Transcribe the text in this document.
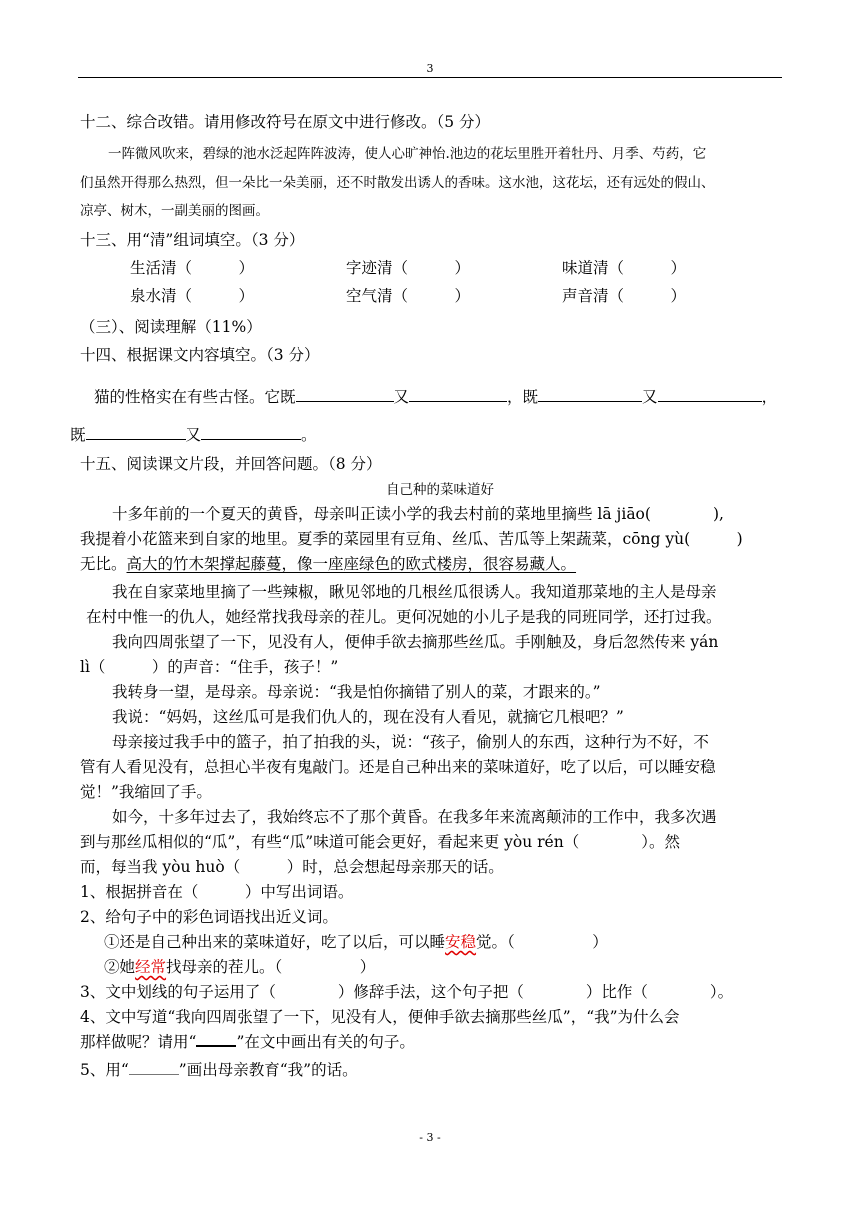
3
十二、综合改错。请用修改符号在原文中进行修改。（5 分）
一阵微风吹来，碧绿的池水泛起阵阵波涛，使人心旷神怡.池边的花坛里胜开着牡丹、月季、芍药，它
们虽然开得那么热烈，但一朵比一朵美丽，还不时散发出诱人的香味。这水池，这花坛，还有远处的假山、
凉亭、树木，一副美丽的图画。
十三、用“清”组词填空。（3 分）
生活清（　　　）	字迹清（　　　）	味道清（　　　）
泉水清（　　　）	空气清（　　　）	声音清（　　　）
（三）、阅读理解（11%）
十四、根据课文内容填空。（3 分）
猫的性格实在有些古怪。它既	又	，既	又	，
既	又	。
十五、阅读课文片段，并回答问题。（8 分）
自己种的菜味道好
十多年前的一个夏天的黄昏，母亲叫正读小学的我去村前的菜地里摘些 lā jiāo(　　　　),
我提着小花篮来到自家的地里。夏季的菜园里有豆角、丝瓜、苦瓜等上架蔬菜，cōng yù(　　　)
无比。高大的竹木架撑起藤蔓，像一座座绿色的欧式楼房，很容易藏人。
我在自家菜地里摘了一些辣椒，瞅见邻地的几根丝瓜很诱人。我知道那菜地的主人是母亲
在村中惟一的仇人，她经常找我母亲的茬儿。更何况她的小儿子是我的同班同学，还打过我。
我向四周张望了一下，见没有人，便伸手欲去摘那些丝瓜。手刚触及，身后忽然传来 yán
lì（　　　）的声音：“住手，孩子！”
我转身一望，是母亲。母亲说：“我是怕你摘错了别人的菜，才跟来的。”
我说：“妈妈，这丝瓜可是我们仇人的，现在没有人看见，就摘它几根吧？”
母亲接过我手中的篮子，拍了拍我的头，说：“孩子，偷别人的东西，这种行为不好，不
管有人看见没有，总担心半夜有鬼敲门。还是自己种出来的菜味道好，吃了以后，可以睡安稳
觉！”我缩回了手。
如今，十多年过去了，我始终忘不了那个黄昏。在我多年来流离颠沛的工作中，我多次遇
到与那丝瓜相似的“瓜”，有些“瓜”味道可能会更好，看起来更 yòu rén（　　　　）。然
而，每当我 yòu huò（　　　）时，总会想起母亲那天的话。
1、根据拼音在（　　　）中写出词语。
2、给句子中的彩色词语找出近义词。
①还是自己种出来的菜味道好，吃了以后，可以睡安稳觉。（　　　　　）
②她经常找母亲的茬儿。（　　　　　）
3、文中划线的句子运用了（　　　　）修辞手法，这个句子把（　　　　）比作（　　　　）。
4、文中写道“我向四周张望了一下，见没有人，便伸手欲去摘那些丝瓜”，“我”为什么会
那样做呢？请用“	”在文中画出有关的句子。
5、用“	”画出母亲教育“我”的话。
- 3 -
